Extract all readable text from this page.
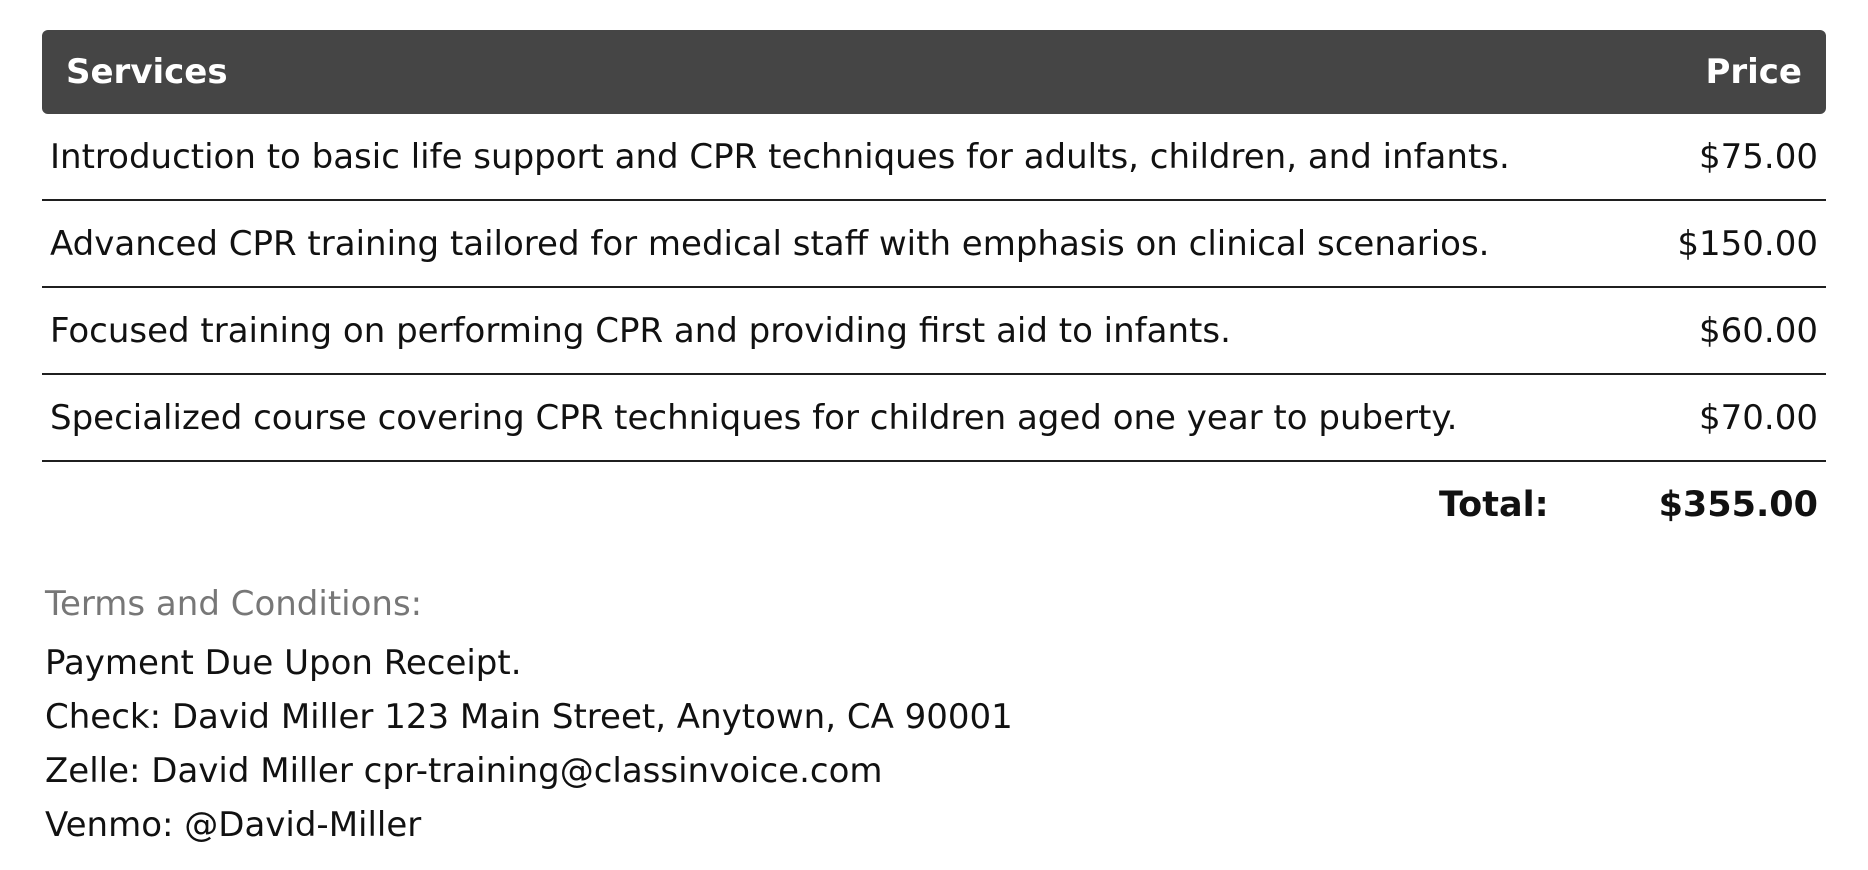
Services	Price
Introduction to basic life support and CPR techniques for adults, children, and infants.	$75.00
Advanced CPR training tailored for medical staff with emphasis on clinical scenarios.	$150.00
Focused training on performing CPR and providing first aid to infants.	$60.00
Specialized course covering CPR techniques for children aged one year to puberty.	$70.00
Total:	$355.00
Terms and Conditions:
Payment Due Upon Receipt.
Check: David Miller 123 Main Street, Anytown, CA 90001
Zelle: David Miller cpr-training@classinvoice.com
Venmo: @David-Miller
